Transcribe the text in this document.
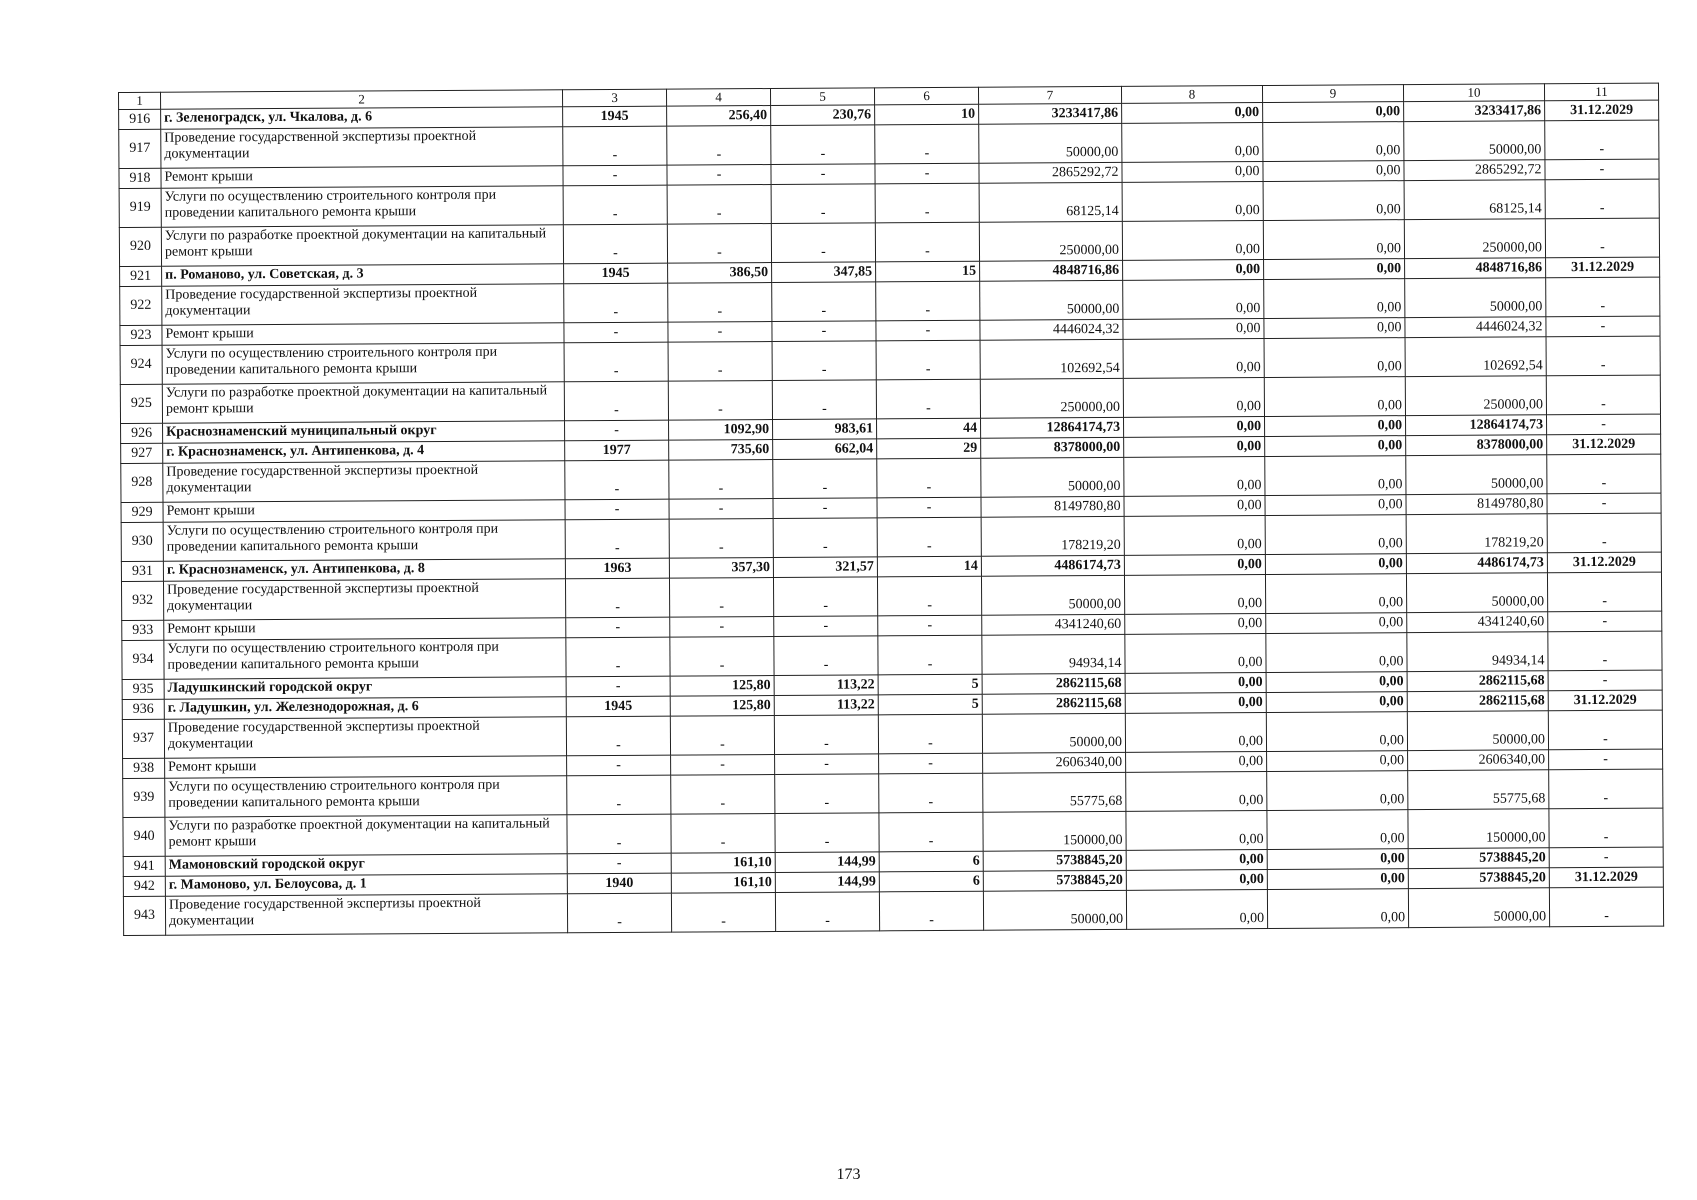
1	2	3	4	5	6	7	8	9	10	11
916	г. Зеленоградск, ул. Чкалова, д. 6	1945	256,40	230,76	10	3233417,86	0,00	0,00	3233417,86	31.12.2029
917	Проведение государственной экспертизы проектной документации	-	-	-	-	50000,00	0,00	0,00	50000,00	-
918	Ремонт крыши	-	-	-	-	2865292,72	0,00	0,00	2865292,72	-
919	Услуги по осуществлению строительного контроля при проведении капитального ремонта крыши	-	-	-	-	68125,14	0,00	0,00	68125,14	-
920	Услуги по разработке проектной документации на капитальный ремонт крыши	-	-	-	-	250000,00	0,00	0,00	250000,00	-
921	п. Романово, ул. Советская, д. 3	1945	386,50	347,85	15	4848716,86	0,00	0,00	4848716,86	31.12.2029
922	Проведение государственной экспертизы проектной документации	-	-	-	-	50000,00	0,00	0,00	50000,00	-
923	Ремонт крыши	-	-	-	-	4446024,32	0,00	0,00	4446024,32	-
924	Услуги по осуществлению строительного контроля при проведении капитального ремонта крыши	-	-	-	-	102692,54	0,00	0,00	102692,54	-
925	Услуги по разработке проектной документации на капитальный ремонт крыши	-	-	-	-	250000,00	0,00	0,00	250000,00	-
926	Краснознаменский муниципальный округ	-	1092,90	983,61	44	12864174,73	0,00	0,00	12864174,73	-
927	г. Краснознаменск, ул. Антипенкова, д. 4	1977	735,60	662,04	29	8378000,00	0,00	0,00	8378000,00	31.12.2029
928	Проведение государственной экспертизы проектной документации	-	-	-	-	50000,00	0,00	0,00	50000,00	-
929	Ремонт крыши	-	-	-	-	8149780,80	0,00	0,00	8149780,80	-
930	Услуги по осуществлению строительного контроля при проведении капитального ремонта крыши	-	-	-	-	178219,20	0,00	0,00	178219,20	-
931	г. Краснознаменск, ул. Антипенкова, д. 8	1963	357,30	321,57	14	4486174,73	0,00	0,00	4486174,73	31.12.2029
932	Проведение государственной экспертизы проектной документации	-	-	-	-	50000,00	0,00	0,00	50000,00	-
933	Ремонт крыши	-	-	-	-	4341240,60	0,00	0,00	4341240,60	-
934	Услуги по осуществлению строительного контроля при проведении капитального ремонта крыши	-	-	-	-	94934,14	0,00	0,00	94934,14	-
935	Ладушкинский городской округ	-	125,80	113,22	5	2862115,68	0,00	0,00	2862115,68	-
936	г. Ладушкин, ул. Железнодорожная, д. 6	1945	125,80	113,22	5	2862115,68	0,00	0,00	2862115,68	31.12.2029
937	Проведение государственной экспертизы проектной документации	-	-	-	-	50000,00	0,00	0,00	50000,00	-
938	Ремонт крыши	-	-	-	-	2606340,00	0,00	0,00	2606340,00	-
939	Услуги по осуществлению строительного контроля при проведении капитального ремонта крыши	-	-	-	-	55775,68	0,00	0,00	55775,68	-
940	Услуги по разработке проектной документации на капитальный ремонт крыши	-	-	-	-	150000,00	0,00	0,00	150000,00	-
941	Мамоновский городской округ	-	161,10	144,99	6	5738845,20	0,00	0,00	5738845,20	-
942	г. Мамоново, ул. Белоусова, д. 1	1940	161,10	144,99	6	5738845,20	0,00	0,00	5738845,20	31.12.2029
943	Проведение государственной экспертизы проектной документации	-	-	-	-	50000,00	0,00	0,00	50000,00	-
173
